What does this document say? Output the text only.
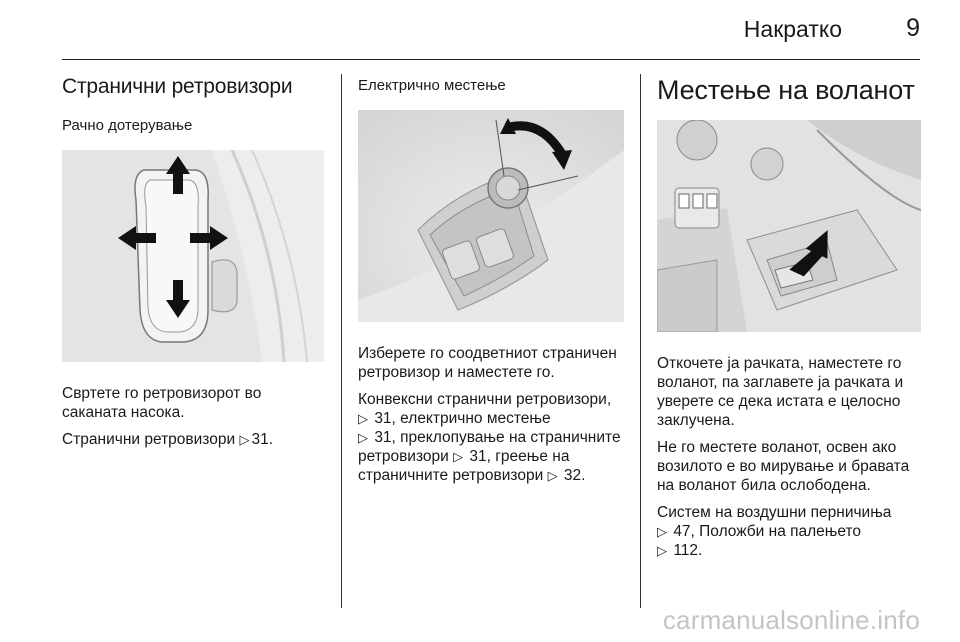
Накратко	9
Странични ретровизори
Рачно дотерување
Свртете го ретровизорот во саканата насока.
Странични ретровизори ▷ 31.
Електрично местење
Изберете го соодветниот страничен ретровизор и наместете го.
Конвексни странични ретровизори,
▷ 31, електрично местење
▷ 31, преклопување на страничните ретровизори ▷ 31, греење на страничните ретровизори ▷ 32.
Местење на воланот
Откочете ја рачката, наместете го воланот, па заглавете ја рачката и уверете се дека истата е целосно заклучена.
Не го местете воланот, освен ако возилото е во мирување и бравата на воланот била ослободена.
Систем на воздушни перничиња
▷ 47, Положби на палењето
▷ 112.
carmanualsonline.info
